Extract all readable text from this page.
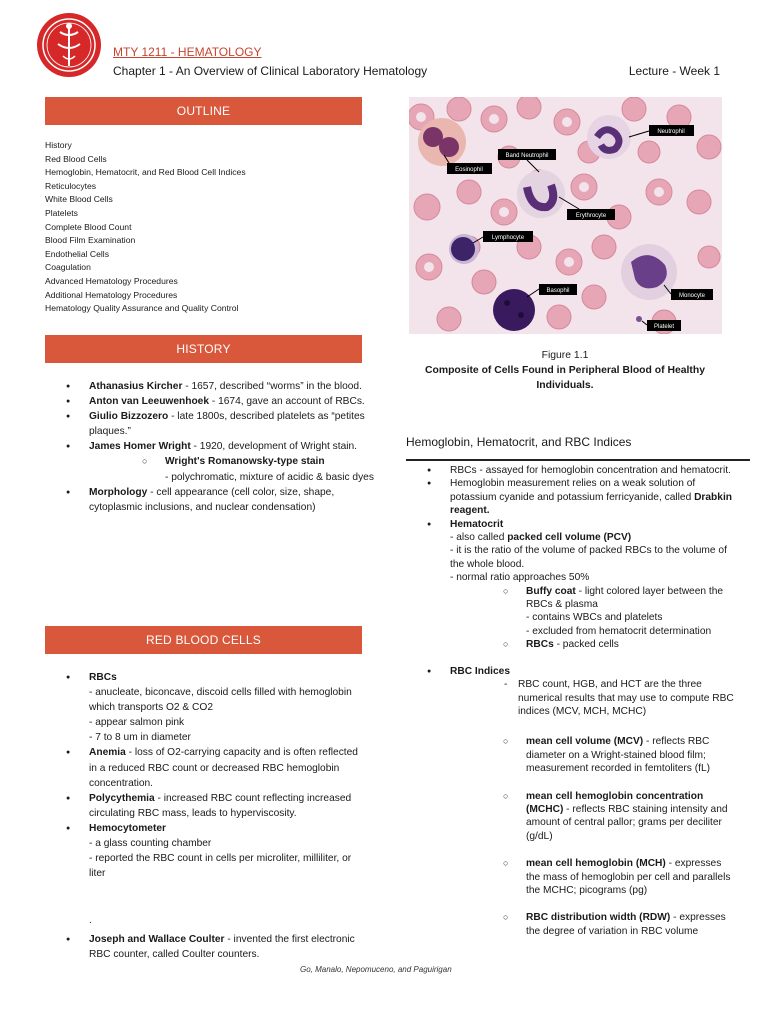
MTY 1211 - HEMATOLOGY
Chapter 1 - An Overview of Clinical Laboratory Hematology	Lecture - Week 1
OUTLINE
History
Red Blood Cells
Hemoglobin, Hematocrit, and Red Blood Cell Indices
Reticulocytes
White Blood Cells
Platelets
Complete Blood Count
Blood Film Examination
Endothelial Cells
Coagulation
Advanced Hematology Procedures
Additional Hematology Procedures
Hematology Quality Assurance and Quality Control
HISTORY
● Athanasius Kircher - 1657, described “worms” in the blood.
● Anton van Leeuwenhoek - 1674, gave an account of RBCs.
● Giulio Bizzozero - late 1800s, described platelets as “petites plaques.”
● James Homer Wright - 1920, development of Wright stain.
○ Wright's Romanowsky-type stain
- polychromatic, mixture of acidic & basic dyes
● Morphology - cell appearance (cell color, size, shape, cytoplasmic inclusions, and nuclear condensation)
RED BLOOD CELLS
● RBCs
- anucleate, biconcave, discoid cells filled with hemoglobin which transports O2 & CO2
- appear salmon pink
- 7 to 8 um in diameter
● Anemia - loss of O2-carrying capacity and is often reflected in a reduced RBC count or decreased RBC hemoglobin concentration.
● Polycythemia - increased RBC count reflecting increased circulating RBC mass, leads to hyperviscosity.
● Hemocytometer
- a glass counting chamber
- reported the RBC count in cells per microliter, milliliter, or liter
.
● Joseph and Wallace Coulter - invented the first electronic RBC counter, called Coulter counters.
Neutrophil
Band Neutrophil
Eosinophil
Erythrocyte
Lymphocyte
Basophil
Monocyte
Platelet
Figure 1.1
Composite of Cells Found in Peripheral Blood of Healthy Individuals.
Hemoglobin, Hematocrit, and RBC Indices
● RBCs - assayed for hemoglobin concentration and hematocrit.
● Hemoglobin measurement relies on a weak solution of potassium cyanide and potassium ferricyanide, called Drabkin reagent.
● Hematocrit
- also called packed cell volume (PCV)
- it is the ratio of the volume of packed RBCs to the volume of the whole blood.
- normal ratio approaches 50%
○ Buffy coat - light colored layer between the RBCs & plasma
- contains WBCs and platelets
- excluded from hematocrit determination
○ RBCs - packed cells
● RBC Indices
- RBC count, HGB, and HCT are the three numerical results that may use to compute RBC indices (MCV, MCH, MCHC)
○ mean cell volume (MCV) - reflects RBC diameter on a Wright-stained blood film; measurement recorded in femtoliters (fL)
○ mean cell hemoglobin concentration (MCHC) - reflects RBC staining intensity and amount of central pallor; grams per deciliter (g/dL)
○ mean cell hemoglobin (MCH) - expresses the mass of hemoglobin per cell and parallels the MCHC; picograms (pg)
○ RBC distribution width (RDW) - expresses the degree of variation in RBC volume
Go, Manalo, Nepomuceno, and Paguirigan
